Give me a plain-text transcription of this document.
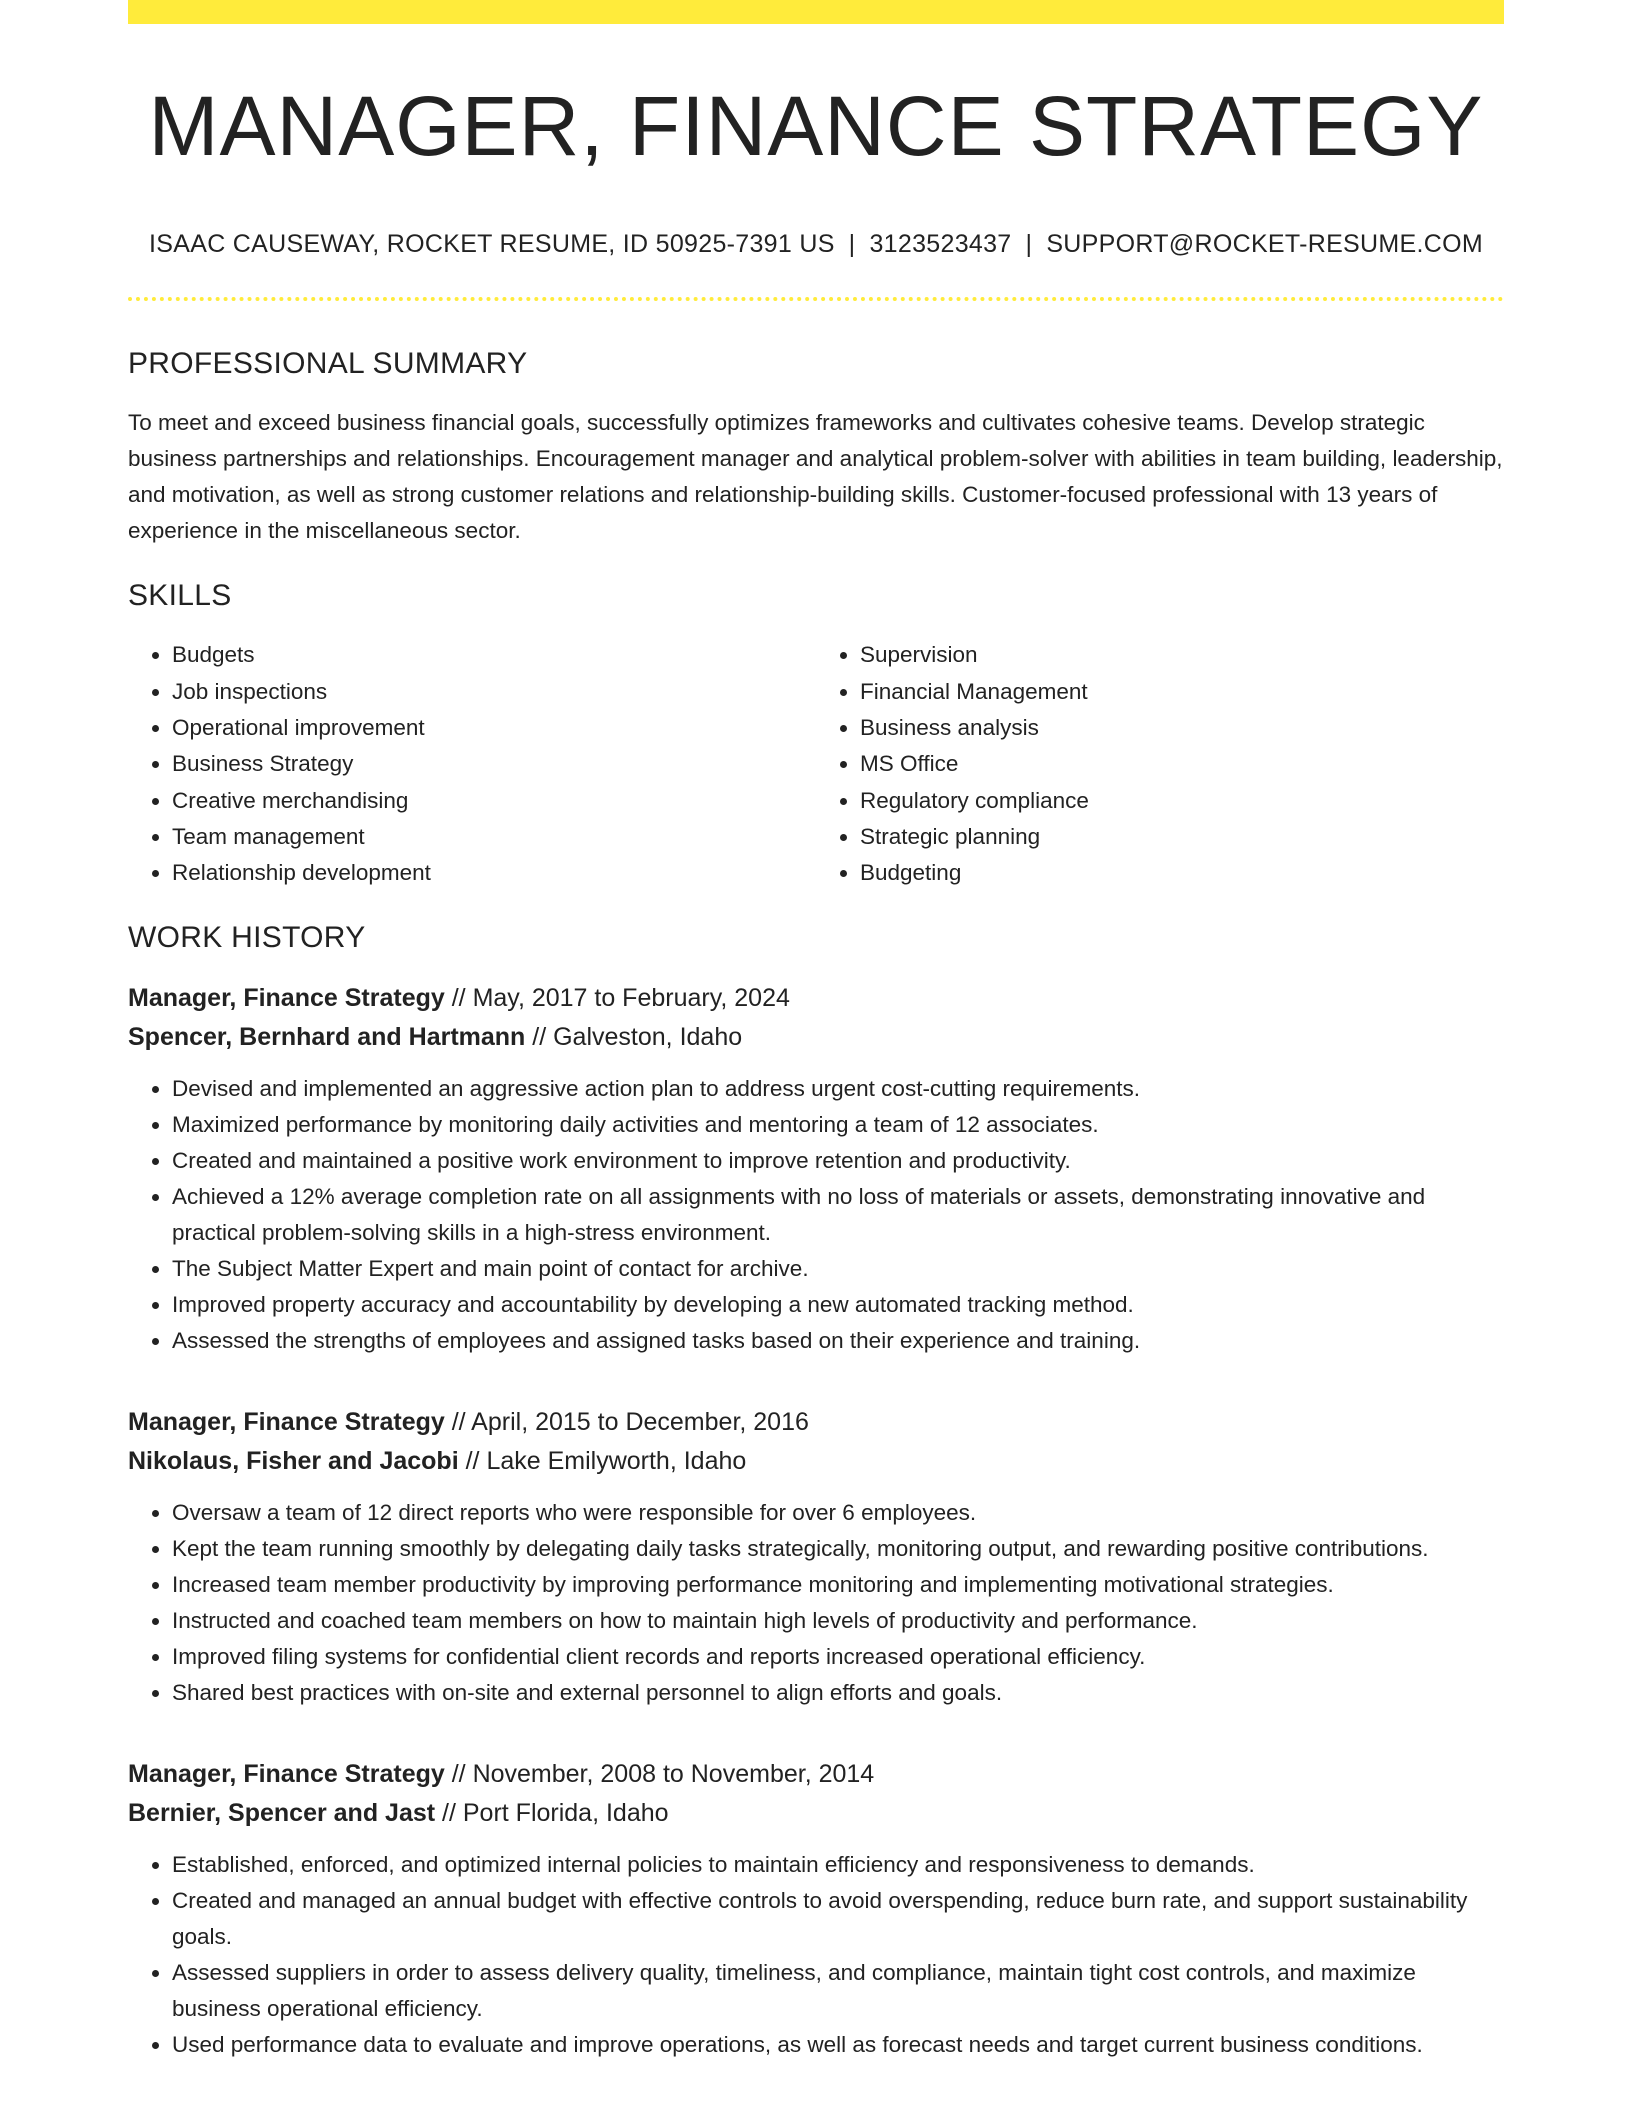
MANAGER, FINANCE STRATEGY
ISAAC CAUSEWAY, ROCKET RESUME, ID 50925-7391 US | 3123523437 | SUPPORT@ROCKET-RESUME.COM
PROFESSIONAL SUMMARY

To meet and exceed business financial goals, successfully optimizes frameworks and cultivates cohesive teams. Develop strategic business partnerships and relationships. Encouragement manager and analytical problem-solver with abilities in team building, leadership, and motivation, as well as strong customer relations and relationship-building skills. Customer-focused professional with 13 years of experience in the miscellaneous sector.

SKILLS
• Budgets
• Job inspections
• Operational improvement
• Business Strategy
• Creative merchandising
• Team management
• Relationship development
• Supervision
• Financial Management
• Business analysis
• MS Office
• Regulatory compliance
• Strategic planning
• Budgeting
WORK HISTORY
Manager, Finance Strategy // May, 2017 to February, 2024
Spencer, Bernhard and Hartmann // Galveston, Idaho
• Devised and implemented an aggressive action plan to address urgent cost-cutting requirements.
• Maximized performance by monitoring daily activities and mentoring a team of 12 associates.
• Created and maintained a positive work environment to improve retention and productivity.
• Achieved a 12% average completion rate on all assignments with no loss of materials or assets, demonstrating innovative and practical problem-solving skills in a high-stress environment.
• The Subject Matter Expert and main point of contact for archive.
• Improved property accuracy and accountability by developing a new automated tracking method.
• Assessed the strengths of employees and assigned tasks based on their experience and training.
Manager, Finance Strategy // April, 2015 to December, 2016
Nikolaus, Fisher and Jacobi // Lake Emilyworth, Idaho
• Oversaw a team of 12 direct reports who were responsible for over 6 employees.
• Kept the team running smoothly by delegating daily tasks strategically, monitoring output, and rewarding positive contributions.
• Increased team member productivity by improving performance monitoring and implementing motivational strategies.
• Instructed and coached team members on how to maintain high levels of productivity and performance.
• Improved filing systems for confidential client records and reports increased operational efficiency.
• Shared best practices with on-site and external personnel to align efforts and goals.
Manager, Finance Strategy // November, 2008 to November, 2014
Bernier, Spencer and Jast // Port Florida, Idaho
• Established, enforced, and optimized internal policies to maintain efficiency and responsiveness to demands.
• Created and managed an annual budget with effective controls to avoid overspending, reduce burn rate, and support sustainability goals.
• Assessed suppliers in order to assess delivery quality, timeliness, and compliance, maintain tight cost controls, and maximize business operational efficiency.
• Used performance data to evaluate and improve operations, as well as forecast needs and target current business conditions.
